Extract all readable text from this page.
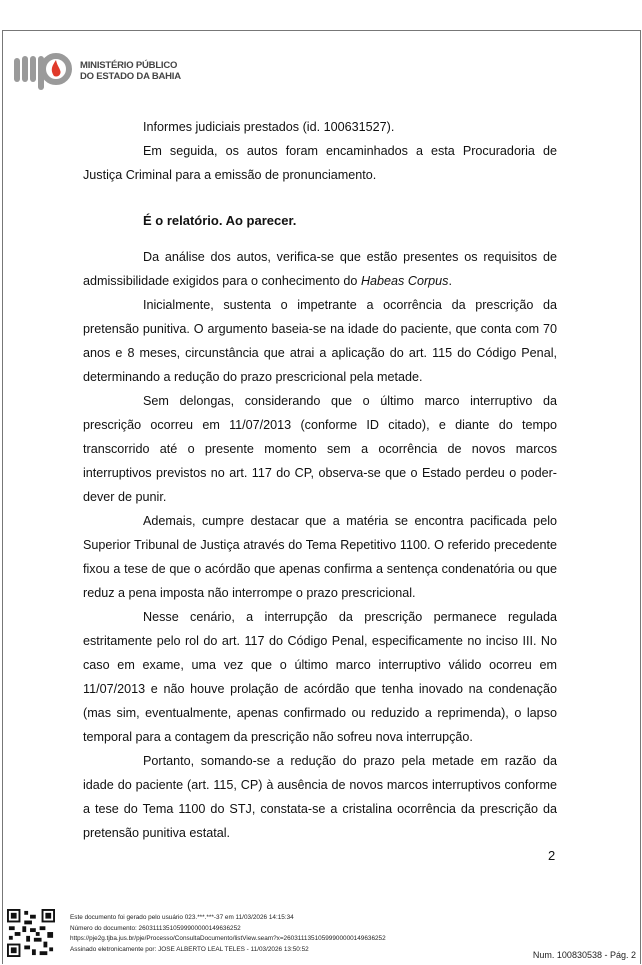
MINISTÉRIO PÚBLICO
DO ESTADO DA BAHIA

Informes judiciais prestados (id. 100631527).

Em seguida, os autos foram encaminhados a esta Procuradoria de Justiça Criminal para a emissão de pronunciamento.

É o relatório. Ao parecer.

Da análise dos autos, verifica-se que estão presentes os requisitos de admissibilidade exigidos para o conhecimento do Habeas Corpus.

Inicialmente, sustenta o impetrante a ocorrência da prescrição da pretensão punitiva. O argumento baseia-se na idade do paciente, que conta com 70 anos e 8 meses, circunstância que atrai a aplicação do art. 115 do Código Penal, determinando a redução do prazo prescricional pela metade.

Sem delongas, considerando que o último marco interruptivo da prescrição ocorreu em 11/07/2013 (conforme ID citado), e diante do tempo transcorrido até o presente momento sem a ocorrência de novos marcos interruptivos previstos no art. 117 do CP, observa-se que o Estado perdeu o poder-dever de punir.

Ademais, cumpre destacar que a matéria se encontra pacificada pelo Superior Tribunal de Justiça através do Tema Repetitivo 1100. O referido precedente fixou a tese de que o acórdão que apenas confirma a sentença condenatória ou que reduz a pena imposta não interrompe o prazo prescricional.

Nesse cenário, a interrupção da prescrição permanece regulada estritamente pelo rol do art. 117 do Código Penal, especificamente no inciso III. No caso em exame, uma vez que o último marco interruptivo válido ocorreu em 11/07/2013 e não houve prolação de acórdão que tenha inovado na condenação (mas sim, eventualmente, apenas confirmado ou reduzido a reprimenda), o lapso temporal para a contagem da prescrição não sofreu nova interrupção.

Portanto, somando-se a redução do prazo pela metade em razão da idade do paciente (art. 115, CP) à ausência de novos marcos interruptivos conforme a tese do Tema 1100 do STJ, constata-se a cristalina ocorrência da prescrição da pretensão punitiva estatal.

2
Este documento foi gerado pelo usuário 023.***.***-37 em 11/03/2026 14:15:34
Número do documento: 26031113510599900000149636252
https://pje2g.tjba.jus.br/pje/Processo/ConsultaDocumento/listView.seam?x=26031113510599900000149636252
Assinado eletronicamente por: JOSE ALBERTO LEAL TELES - 11/03/2026 13:50:52
Num. 100830538 - Pág. 2
